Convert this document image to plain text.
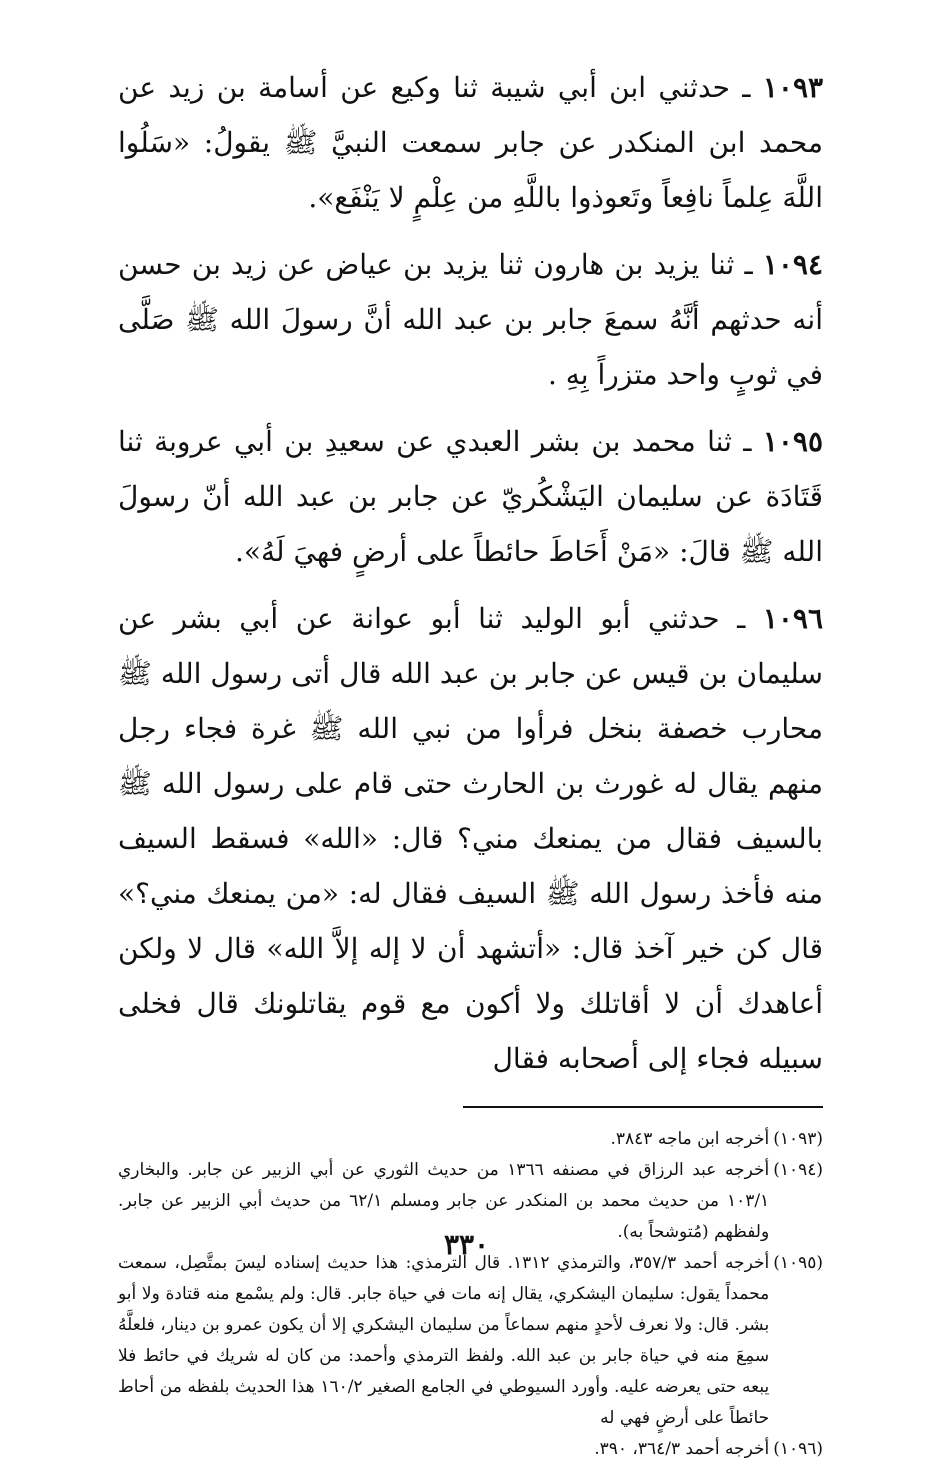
١٠٩٣ ـ حدثني ابن أبي شيبة ثنا وكيع عن أسامة بن زيد عن محمد ابن المنكدر عن جابر سمعت النبيَّ ﷺ يقولُ: «سَلُوا اللَّهَ عِلماً نافِعاً وتَعوذوا باللَّهِ من عِلْمٍ لا يَنْفَع».

١٠٩٤ ـ ثنا يزيد بن هارون ثنا يزيد بن عياض عن زيد بن حسن أنه حدثهم أنَّهُ سمعَ جابر بن عبد الله أنَّ رسولَ الله ﷺ صَلَّى في ثوبٍ واحد متزراً بِهِ .

١٠٩٥ ـ ثنا محمد بن بشر العبدي عن سعيدِ بن أبي عروبة ثنا قَتَادَة عن سليمان اليَشْكُريّ عن جابر بن عبد الله أنّ رسولَ الله ﷺ قالَ: «مَنْ أَحَاطَ حائطاً على أرضٍ فهيَ لَهُ».

١٠٩٦ ـ حدثني أبو الوليد ثنا أبو عوانة عن أبي بشر عن سليمان بن قيس عن جابر بن عبد الله قال أتى رسول الله ﷺ محارب خصفة بنخل فرأوا من نبي الله ﷺ غرة فجاء رجل منهم يقال له غورث بن الحارث حتى قام على رسول الله ﷺ بالسيف فقال من يمنعك مني؟ قال: «الله» فسقط السيف منه فأخذ رسول الله ﷺ السيف فقال له: «من يمنعك مني؟» قال كن خير آخذ قال: «أتشهد أن لا إله إلاَّ الله» قال لا ولكن أعاهدك أن لا أقاتلك ولا أكون مع قوم يقاتلونك قال فخلى سبيله فجاء إلى أصحابه فقال

(١٠٩٣)
أخرجه ابن ماجه ٣٨٤٣.
(١٠٩٤)
أخرجه عبد الرزاق في مصنفه ١٣٦٦ من حديث الثوري عن أبي الزبير عن جابر. والبخاري ١٠٣/١ من حديث محمد بن المنكدر عن جابر ومسلم ٦٢/١ من حديث أبي الزبير عن جابر. ولفظهم (مُتوشحاً به).
(١٠٩٥)
أخرجه أحمد ٣٥٧/٣، والترمذي ١٣١٢. قال الترمذي: هذا حديث إسناده ليسَ بمتَّصِل، سمعت محمداً يقول: سليمان اليشكري، يقال إنه مات في حياة جابر. قال: ولم يسْمع منه قتادة ولا أبو بشر. قال: ولا نعرف لأحدٍ منهم سماعاً من سليمان اليشكري إلا أن يكون عمرو بن دينار، فلعلَّهُ سمِعَ منه في حياة جابر بن عبد الله. ولفظ الترمذي وأحمد: من كان له شريك في حائط فلا يبعه حتى يعرضه عليه. وأورد السيوطي في الجامع الصغير ١٦٠/٢ هذا الحديث بلفظه من أحاط حائطاً على أرضٍ فهي له
(١٠٩٦)
أخرجه أحمد ٣٦٤/٣، ٣٩٠.
٣٣٠
